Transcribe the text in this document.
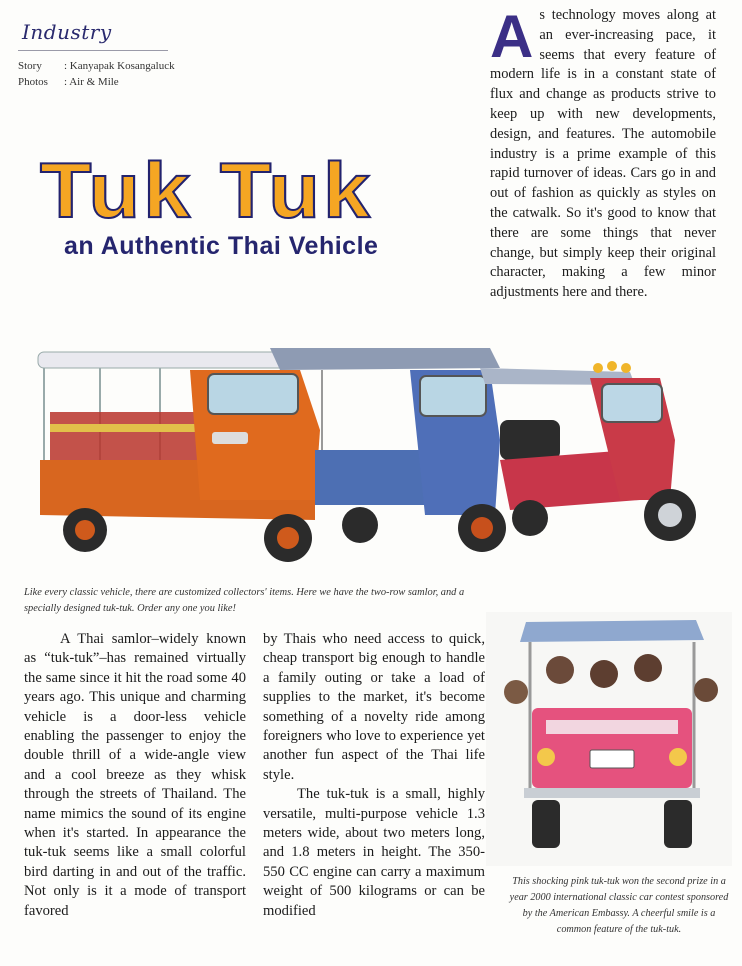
Industry
Story	: Kanyapak Kosangaluck
Photos	: Air & Mile
Tuk Tuk
an Authentic Thai Vehicle
As technology moves along at an ever-increasing pace, it seems that every feature of modern life is in a constant state of flux and change as products strive to keep up with new developments, design, and features. The automobile industry is a prime example of this rapid turnover of ideas. Cars go in and out of fashion as quickly as styles on the catwalk. So it's good to know that there are some things that never change, but simply keep their original character, making a few minor adjustments here and there.
Like every classic vehicle, there are customized collectors' items. Here we have the two-row samlor, and a specially designed tuk-tuk. Order any one you like!

A Thai samlor–widely known as “tuk-tuk”–has remained virtually the same since it hit the road some 40 years ago. This unique and charming vehicle is a door-less vehicle enabling the passenger to enjoy the double thrill of a wide-angle view and a cool breeze as they whisk through the streets of Thailand. The name mimics the sound of its engine when it's started. In appearance the tuk-tuk seems like a small colorful bird darting in and out of the traffic. Not only is it a mode of transport favored

by Thais who need access to quick, cheap transport big enough to handle a family outing or take a load of supplies to the market, it's become something of a novelty ride among foreigners who love to experience yet another fun aspect of the Thai life style.

The tuk-tuk is a small, highly versatile, multi-purpose vehicle 1.3 meters wide, about two meters long, and 1.8 meters in height. The 350-550 CC engine can carry a maximum weight of 500 kilograms or can be modified

This shocking pink tuk-tuk won the second prize in a year 2000 international classic car contest sponsored by the American Embassy. A cheerful smile is a common feature of the tuk-tuk.
